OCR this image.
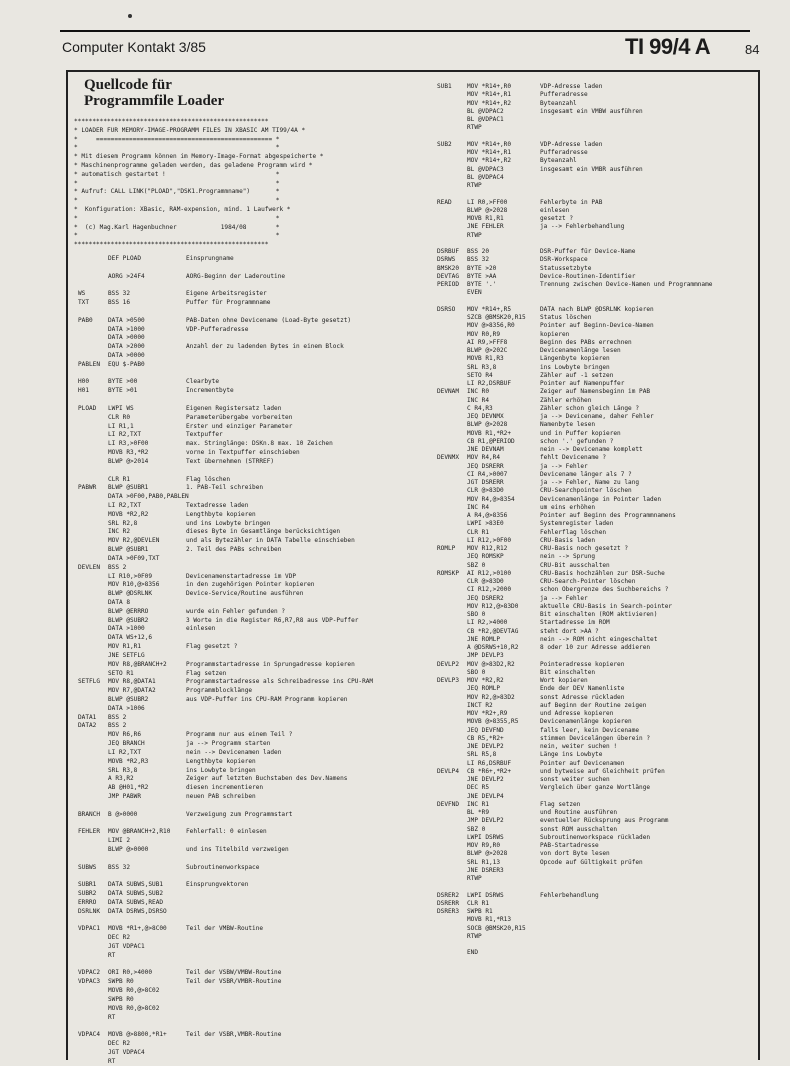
Computer Kontakt 3/85	TI 99/4 A	84
Quellcode für
Programmfile Loader
*****************************************************
* LOADER FUR MEMORY-IMAGE-PROGRAMM FILES IN XBASIC AM TI99/4A *
*     ================================================ *
*                                                      *
* Mit diesem Programm können im Memory-Image-Format abgespeicherte *
* Maschinenprogramme geladen werden, das geladene Programm wird *
* automatisch gestartet !                              *
*                                                      *
* Aufruf: CALL LINK("PLOAD","DSK1.Programmname")       *
*                                                      *
*  Konfiguration: XBasic, RAM-expension, mind. 1 Laufwerk *
*                                                      *
*  (c) Mag.Karl Hagenbuchner            1984/08        *
*                                                      *
*****************************************************
DEF PLOAD	Einsprungname
AORG >24F4	AORG-Beginn der Laderoutine
WS	BSS 32	Eigene Arbeitsregister
TXT	BSS 16	Puffer für Programmname
PAB0	DATA >0500	PAB-Daten ohne Devicename (Load-Byte gesetzt)
DATA >1000	VDP-Pufferadresse
DATA >0000
DATA >2000	Anzahl der zu ladenden Bytes in einem Block
DATA >0000
PABLEN EQU $-PAB0
H00	BYTE >00	Clearbyte
H01	BYTE >01	Incrementbyte
PLOAD LWPI WS	Eigenen Registersatz laden
CLR R0	Parameterübergabe vorbereiten
LI R1,1	Erster und einziger Parameter
LI R2,TXT	Textpuffer
LI R3,>0F00	max. Stringlänge: DSKn.8 max. 10 Zeichen
MOVB R3,*R2	vorne in Textpuffer einschieben
BLWP @>2014	Text übernehmen (STRREF)
CLR R1	Flag löschen
PABWR BLWP @SUBR1	1. PAB-Teil schreiben
DATA >0F00,PAB0,PABLEN
LI R2,TXT	Textadresse laden
MOVB *R2,R2	Lengthbyte kopieren
SRL R2,8	und ins Lowbyte bringen
INC R2	dieses Byte in Gesamtlänge berücksichtigen
MOV R2,@DEVLEN	und als Bytezähler in DATA Tabelle einschieben
BLWP @SUBR1	2. Teil des PABs schreiben
DATA >0F09,TXT
DEVLEN BSS 2
LI R10,>0F09	Devicenamenstartadresse im VDP
MOV R10,@>8356	in den zugehörigen Pointer kopieren
BLWP @DSRLNK	Device-Service/Routine ausführen
DATA 8
BLWP @ERRRO	wurde ein Fehler gefunden ?
BLWP @SUBR2	3 Worte in die Register R6,R7,R8 aus VDP-Puffer
DATA >1000	einlesen
DATA WS+12,6
MOV R1,R1	Flag gesetzt ?
JNE SETFLG
MOV R8,@BRANCH+2	Programmstartadresse in Sprungadresse kopieren
SETO R1	Flag setzen
SETFLG MOV R8,@DATA1	Programmstartadresse als Schreibadresse ins CPU-RAM
MOV R7,@DATA2	Programmblocklänge
BLWP @SUBR2	aus VDP-Puffer ins CPU-RAM Programm kopieren
DATA >1006
DATA1 BSS 2
DATA2 BSS 2
MOV R6,R6	Programm nur aus einem Teil ?
JEQ BRANCH	ja --> Programm starten
LI R2,TXT	nein --> Devicenamen laden
MOVB *R2,R3	Lengthbyte kopieren
SRL R3,8	ins Lowbyte bringen
A R3,R2	Zeiger auf letzten Buchstaben des Dev.Namens
AB @H01,*R2	diesen incrementieren
JMP PABWR	neuen PAB schreiben
BRANCH B @>0000	Verzweigung zum Programmstart
FEHLER MOV @BRANCH+2,R10	Fehlerfall: 0 einlesen
LIMI 2
BLWP @>0000	und ins Titelbild verzweigen
SUBWS BSS 32	Subroutinenworkspace
SUBR1 DATA SUBWS,SUB1	Einsprungvektoren
SUBR2 DATA SUBWS,SUB2
ERRRO DATA SUBWS,READ
DSRLNK DATA DSRWS,DSRSO
VDPAC1 MOVB *R1+,@>8C00	Teil der VMBW-Routine
DEC R2
JGT VDPAC1
RT
VDPAC2 ORI R0,>4000	Teil der VSBW/VMBW-Routine
VDPAC3 SWPB R0	Teil der VSBR/VMBR-Routine
MOVB R0,@>8C02
SWPB R0
MOVB R0,@>8C02
RT
VDPAC4 MOVB @>8800,*R1+	Teil der VSBR,VMBR-Routine
DEC R2
JGT VDPAC4
RT
SUB1	MOV *R14+,R0	VDP-Adresse laden
MOV *R14+,R1	Pufferadresse
MOV *R14+,R2	Byteanzahl
BL @VDPAC2	insgesamt ein VMBW ausführen
BL @VDPAC1
RTWP
SUB2	MOV *R14+,R0	VDP-Adresse laden
MOV *R14+,R1	Pufferadresse
MOV *R14+,R2	Byteanzahl
BL @VDPAC3	insgesamt ein VMBR ausführen
BL @VDPAC4
RTWP
READ	LI R0,>FF00	Fehlerbyte in PAB
BLWP @>2028	einlesen
MOVB R1,R1	gesetzt ?
JNE FEHLER	ja --> Fehlerbehandlung
RTWP
DSRBUF BSS 20	DSR-Puffer für Device-Name
DSRWS BSS 32	DSR-Workspace
BMSK20 BYTE >20	Statussetzbyte
DEVTAG BYTE >AA	Device-Routinen-Identifier
PERIOD BYTE '.'	Trennung zwischen Device-Namen und Programmname
EVEN
DSRSO MOV *R14+,R5	DATA nach BLWP @DSRLNK kopieren
SZCB @BMSK20,R15 Status löschen
MOV @>8356,R0	Pointer auf Beginn-Device-Namen
MOV R0,R9	kopieren
AI R9,>FFF8	Beginn des PABs errechnen
BLWP @>202C	Devicenamenlänge lesen
MOVB R1,R3	Längenbyte kopieren
SRL R3,8	ins Lowbyte bringen
SETO R4	Zähler auf -1 setzen
LI R2,DSRBUF	Pointer auf Namenpuffer
DEVNAM INC R0	Zeiger auf Namensbeginn im PAB
INC R4	Zähler erhöhen
C R4,R3	Zähler schon gleich Länge ?
JEQ DEVNMX	ja --> Devicename, daher Fehler
BLWP @>2028	Namenbyte lesen
MOVB R1,*R2+	und in Puffer kopieren
CB R1,@PERIOD	schon '.' gefunden ?
JNE DEVNAM	nein --> Devicename komplett
DEVNMX MOV R4,R4	fehlt Devicename ?
JEQ DSRERR	ja --> Fehler
CI R4,>0007	Devicename länger als 7 ?
JGT DSRERR	ja --> Fehler, Name zu lang
CLR @>83D0	CRU-Searchpointer löschen
MOV R4,@>8354	Devicenamenlänge in Pointer laden
INC R4	um eins erhöhen
A R4,@>8356	Pointer auf Beginn des Programmnamens
LWPI >83E0	Systemregister laden
CLR R1	Fehlerflag löschen
LI R12,>0F00	CRU-Basis laden
ROMLP MOV R12,R12	CRU-Basis noch gesetzt ?
JEQ ROMSKP	nein --> Sprung
SBZ 0	CRU-Bit ausschalten
ROMSKP AI R12,>0100	CRU-Basis hochzählen zur DSR-Suche
CLR @>83D0	CRU-Search-Pointer löschen
CI R12,>2000	schon Obergrenze des Suchbereichs ?
JEQ DSRER2	ja --> Fehler
MOV R12,@>83D0	aktuelle CRU-Basis in Search-pointer
SBO 0	Bit einschalten (ROM aktivieren)
LI R2,>4000	Startadresse im ROM
CB *R2,@DEVTAG	steht dort >AA ?
JNE ROMLP	nein --> ROM nicht eingeschaltet
A @DSRWS+10,R2	8 oder 10 zur Adresse addieren
JMP DEVLP3
DEVLP2 MOV @>83D2,R2	Pointeradresse kopieren
SBO 0	Bit einschalten
DEVLP3 MOV *R2,R2	Wort kopieren
JEQ ROMLP	Ende der DEV Namenliste
MOV R2,@>83D2	sonst Adresse rückladen
INCT R2	auf Beginn der Routine zeigen
MOV *R2+,R9	und Adresse kopieren
MOVB @>8355,R5	Devicenamenlänge kopieren
JEQ DEVFND	falls leer, kein Devicename
CB R5,*R2+	stimmen Devicelängen überein ?
JNE DEVLP2	nein, weiter suchen !
SRL R5,8	Länge ins Lowbyte
LI R6,DSRBUF	Pointer auf Devicenamen
DEVLP4 CB *R6+,*R2+	und bytweise auf Gleichheit prüfen
JNE DEVLP2	sonst weiter suchen
DEC R5	Vergleich über ganze Wortlänge
JNE DEVLP4
DEVFND INC R1	Flag setzen
BL *R9	und Routine ausführen
JMP DEVLP2	eventueller Rücksprung aus Programm
SBZ 0	sonst ROM ausschalten
LWPI DSRWS	Subroutinenworkspace rückladen
MOV R9,R0	PAB-Startadresse
BLWP @>2028	von dort Byte lesen
SRL R1,13	Opcode auf Gültigkeit prüfen
JNE DSRER3
RTWP
DSRER2 LWPI DSRWS	Fehlerbehandlung
DSRERR CLR R1
DSRER3 SWPB R1
MOVB R1,*R13
SOCB @BMSK20,R15
RTWP
END
